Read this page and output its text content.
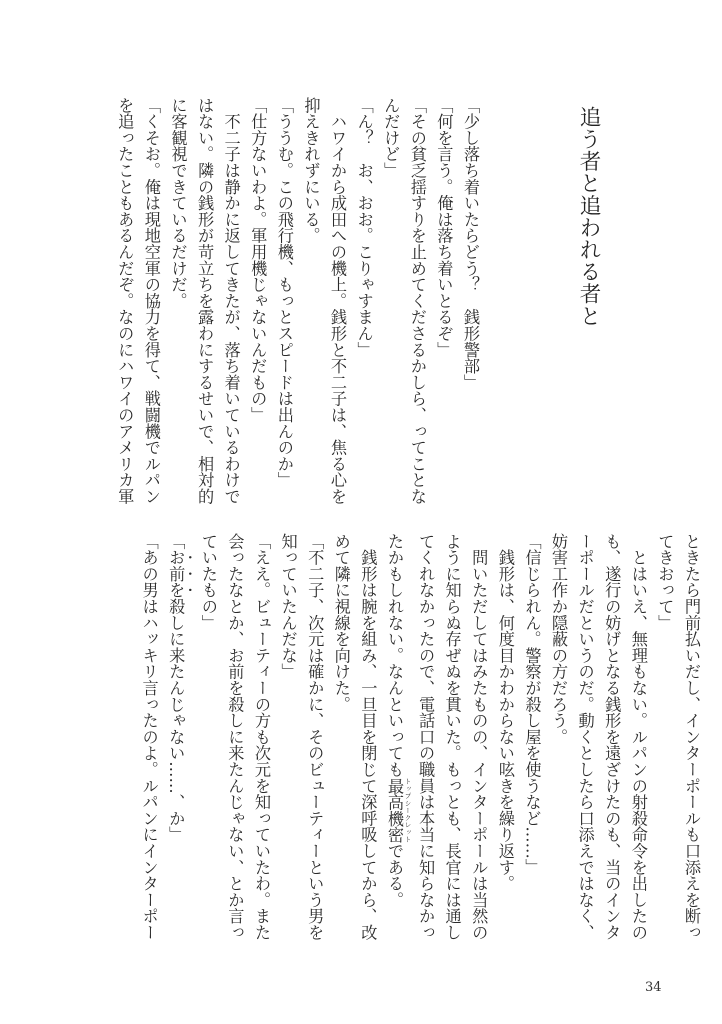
追う者と追われる者と
「少し落ち着いたらどう？　銭形警部」
「何を言う。俺は落ち着いとるぞ」
「その貧乏揺すりを止めてくださるかしら、ってことな
んだけど」
「ん？　お、おお。こりゃすまん」
　ハワイから成田への機上。銭形と不二子は、焦る心を
抑えきれずにいる。
「ううむ。この飛行機、もっとスピードは出んのか」
「仕方ないわよ。軍用機じゃないんだもの」
　不二子は静かに返してきたが、落ち着いているわけで
はない。隣の銭形が苛立ちを露わにするせいで、相対的
に客観視できているだけだ。
「くそお。俺は現地空軍の協力を得て、戦闘機でルパン
を追ったこともあるんだぞ。なのにハワイのアメリカ軍
ときたら門前払いだし、インターポールも口添えを断っ
てきおって」
　とはいえ、無理もない。ルパンの射殺命令を出したの
も、遂行の妨げとなる銭形を遠ざけたのも、当のインタ
ーポールだというのだ。動くとしたら口添えではなく、
妨害工作か隠蔽の方だろう。
「信じられん。警察が殺し屋を使うなど……」
　銭形は、何度目かわからない呟きを繰り返す。
　問いただしてはみたものの、インターポールは当然の
ように知らぬ存ぜぬを貫いた。もっとも、長官には通し
てくれなかったので、電話口の職員は本当に知らなかっ
たかもしれない。なんといっても最高機密 トップシークレットである。
　銭形は腕を組み、一旦目を閉じて深呼吸してから、改
めて隣に視線を向けた。
「不二子、次元は確かに、そのビューティーという男を
知っていたんだな」
「ええ。ビューティーの方も次元を知っていたわ。また
会ったなとか、お前を殺しに来たんじゃない、とか言っ
ていたもの」
「お前を殺しに来たんじゃない……、か」
「あの男はハッキリ言ったのよ。ルパンにインターポー
34
